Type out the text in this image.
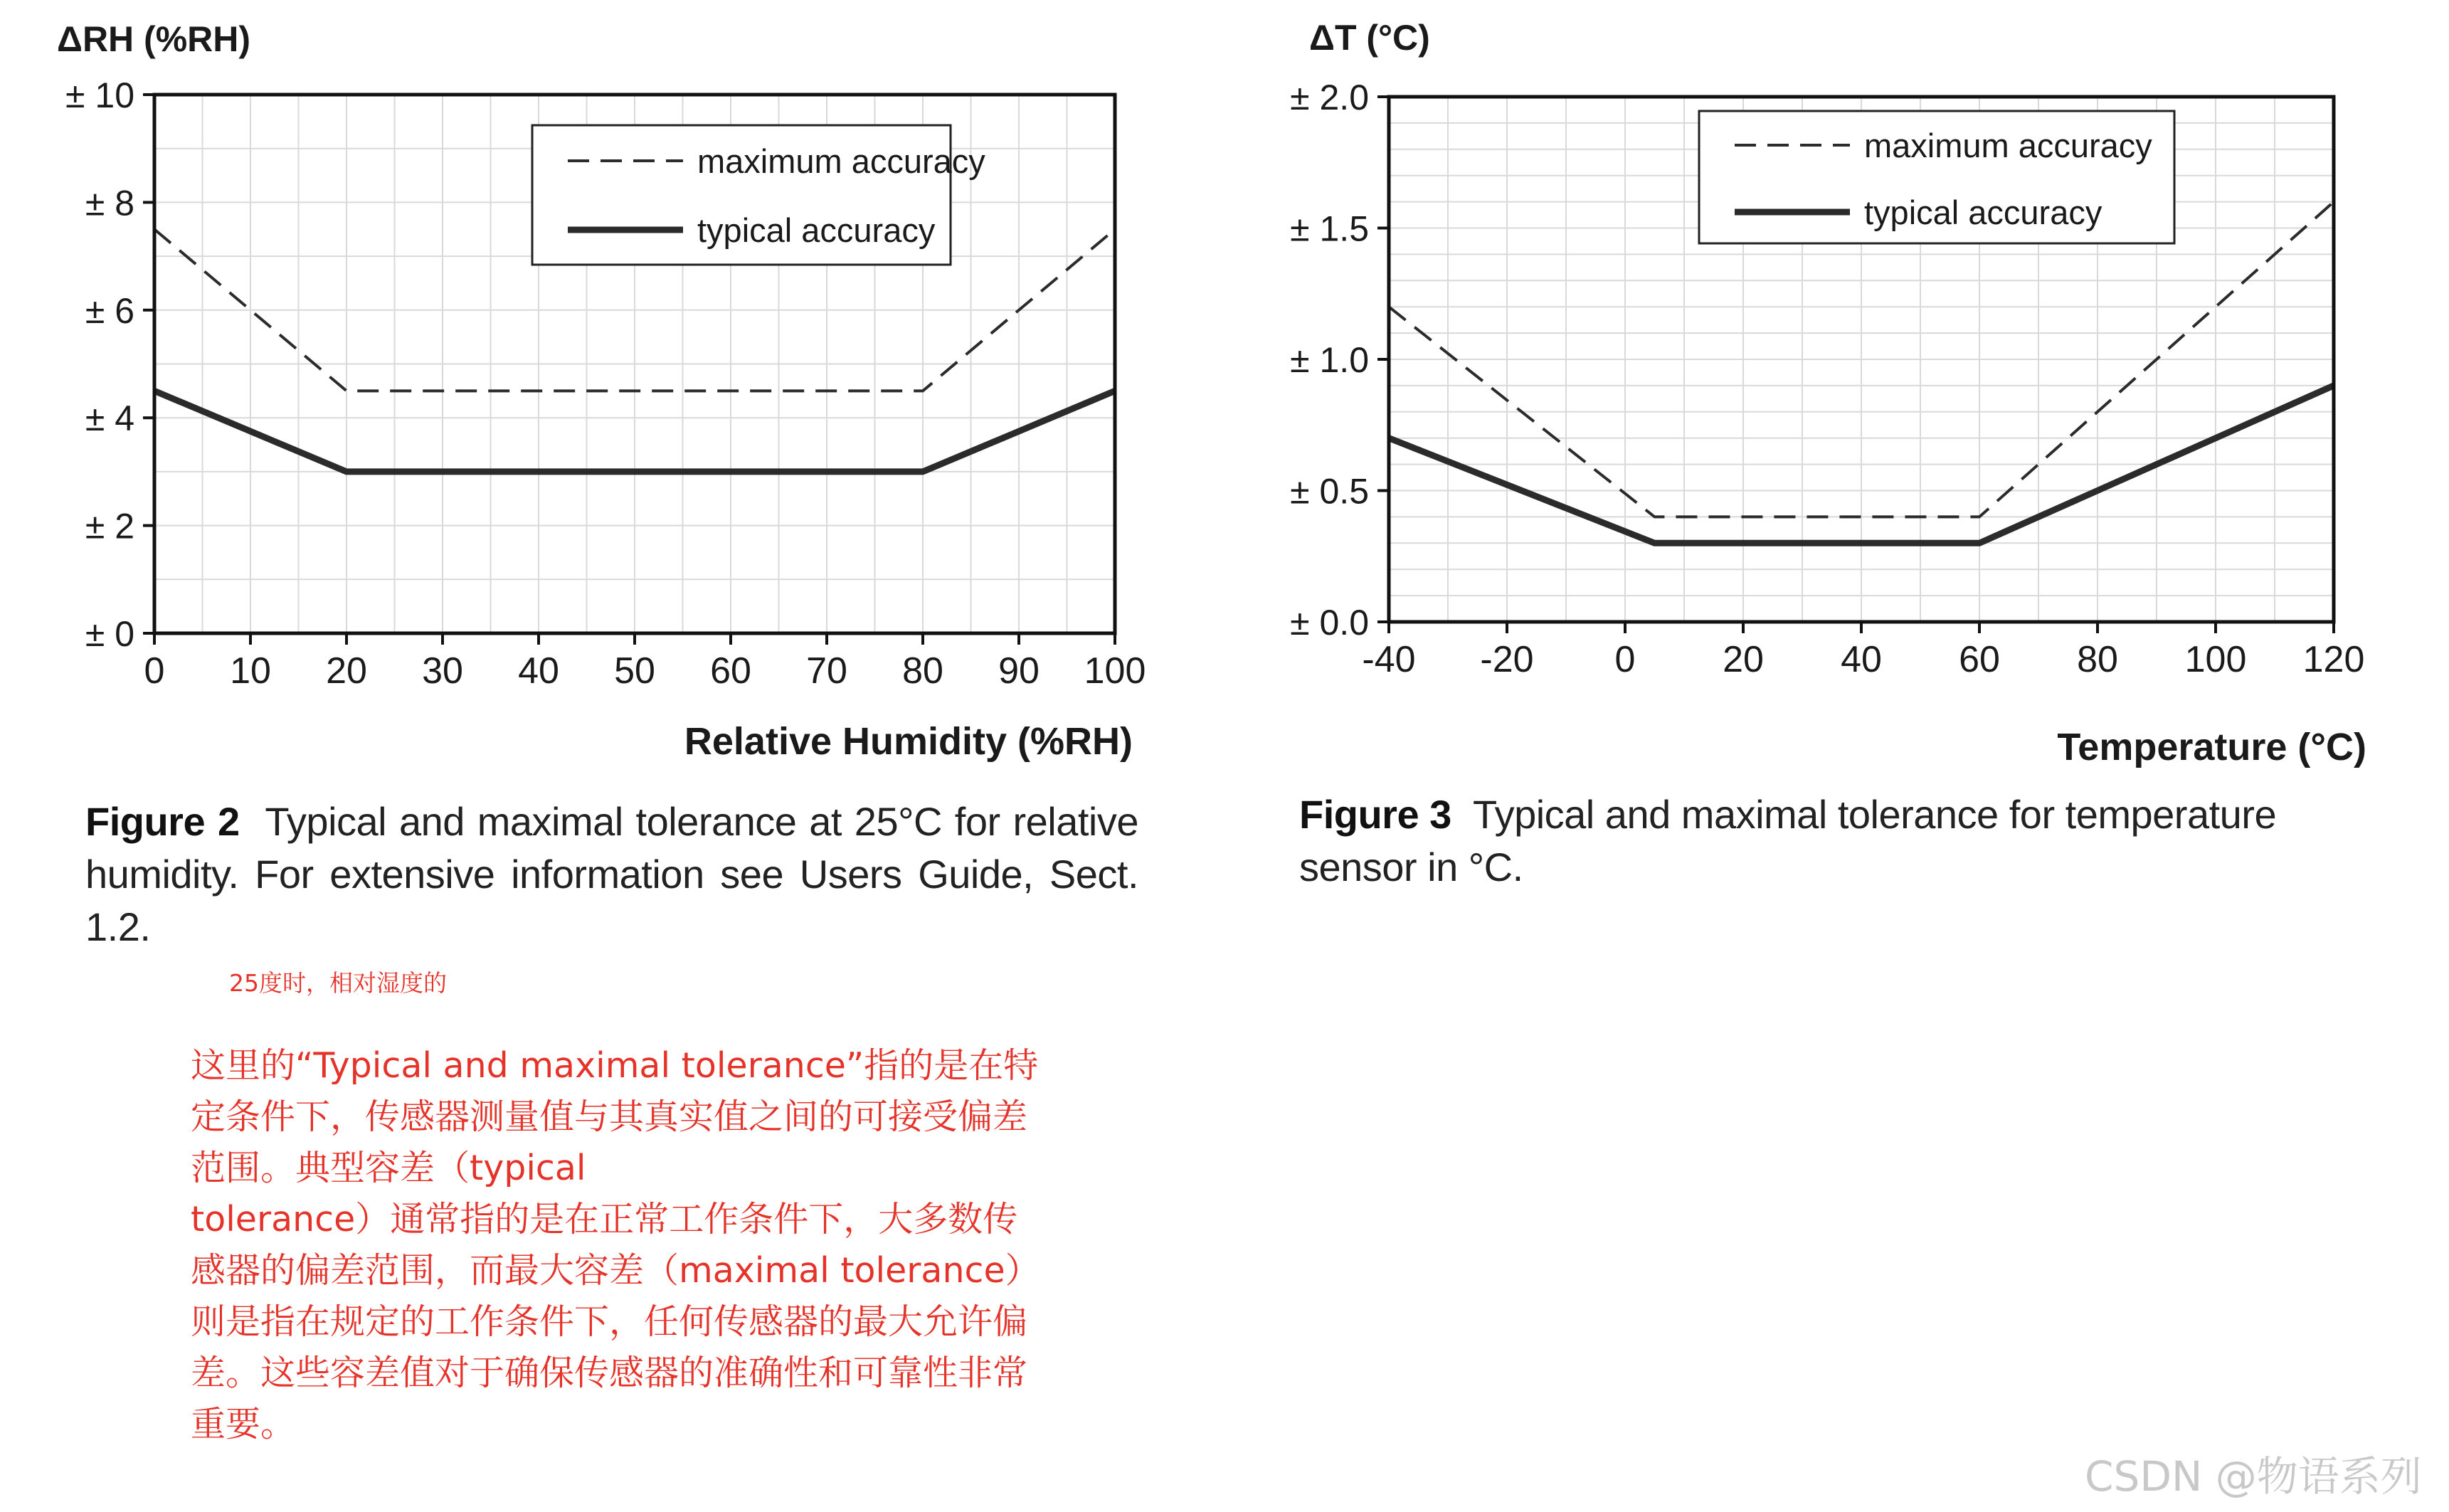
0 10 20 30 40 50 60 70 80 90 100
± 0
± 2
± 4
± 6
± 8
± 10
ΔRH (%RH)
Relative Humidity (%RH)
maximum accuracy
typical accuracy
-40 -20 0 20 40 60 80 100 120
± 0.0
± 0.5
± 1.0
± 1.5
± 2.0
ΔT (°C)
Temperature (°C)
maximum accuracy
typical accuracy
Figure 2 Typical and maximal tolerance at 25°C for relative humidity. For extensive information see Users Guide, Sect. 1.2.
Figure 3 Typical and maximal tolerance for temperature sensor in °C.
25度时，相对湿度的
这里的“Typical and maximal tolerance”指的是在特定条件下，传感器测量值与其真实值之间的可接受偏差范围。典型容差（typical
tolerance）通常指的是在正常工作条件下，大多数传感器的偏差范围，而最大容差（maximal tolerance）则是指在规定的工作条件下，任何传感器的最大允许偏差。这些容差值对于确保传感器的准确性和可靠性非常重要。
CSDN @物语系列
